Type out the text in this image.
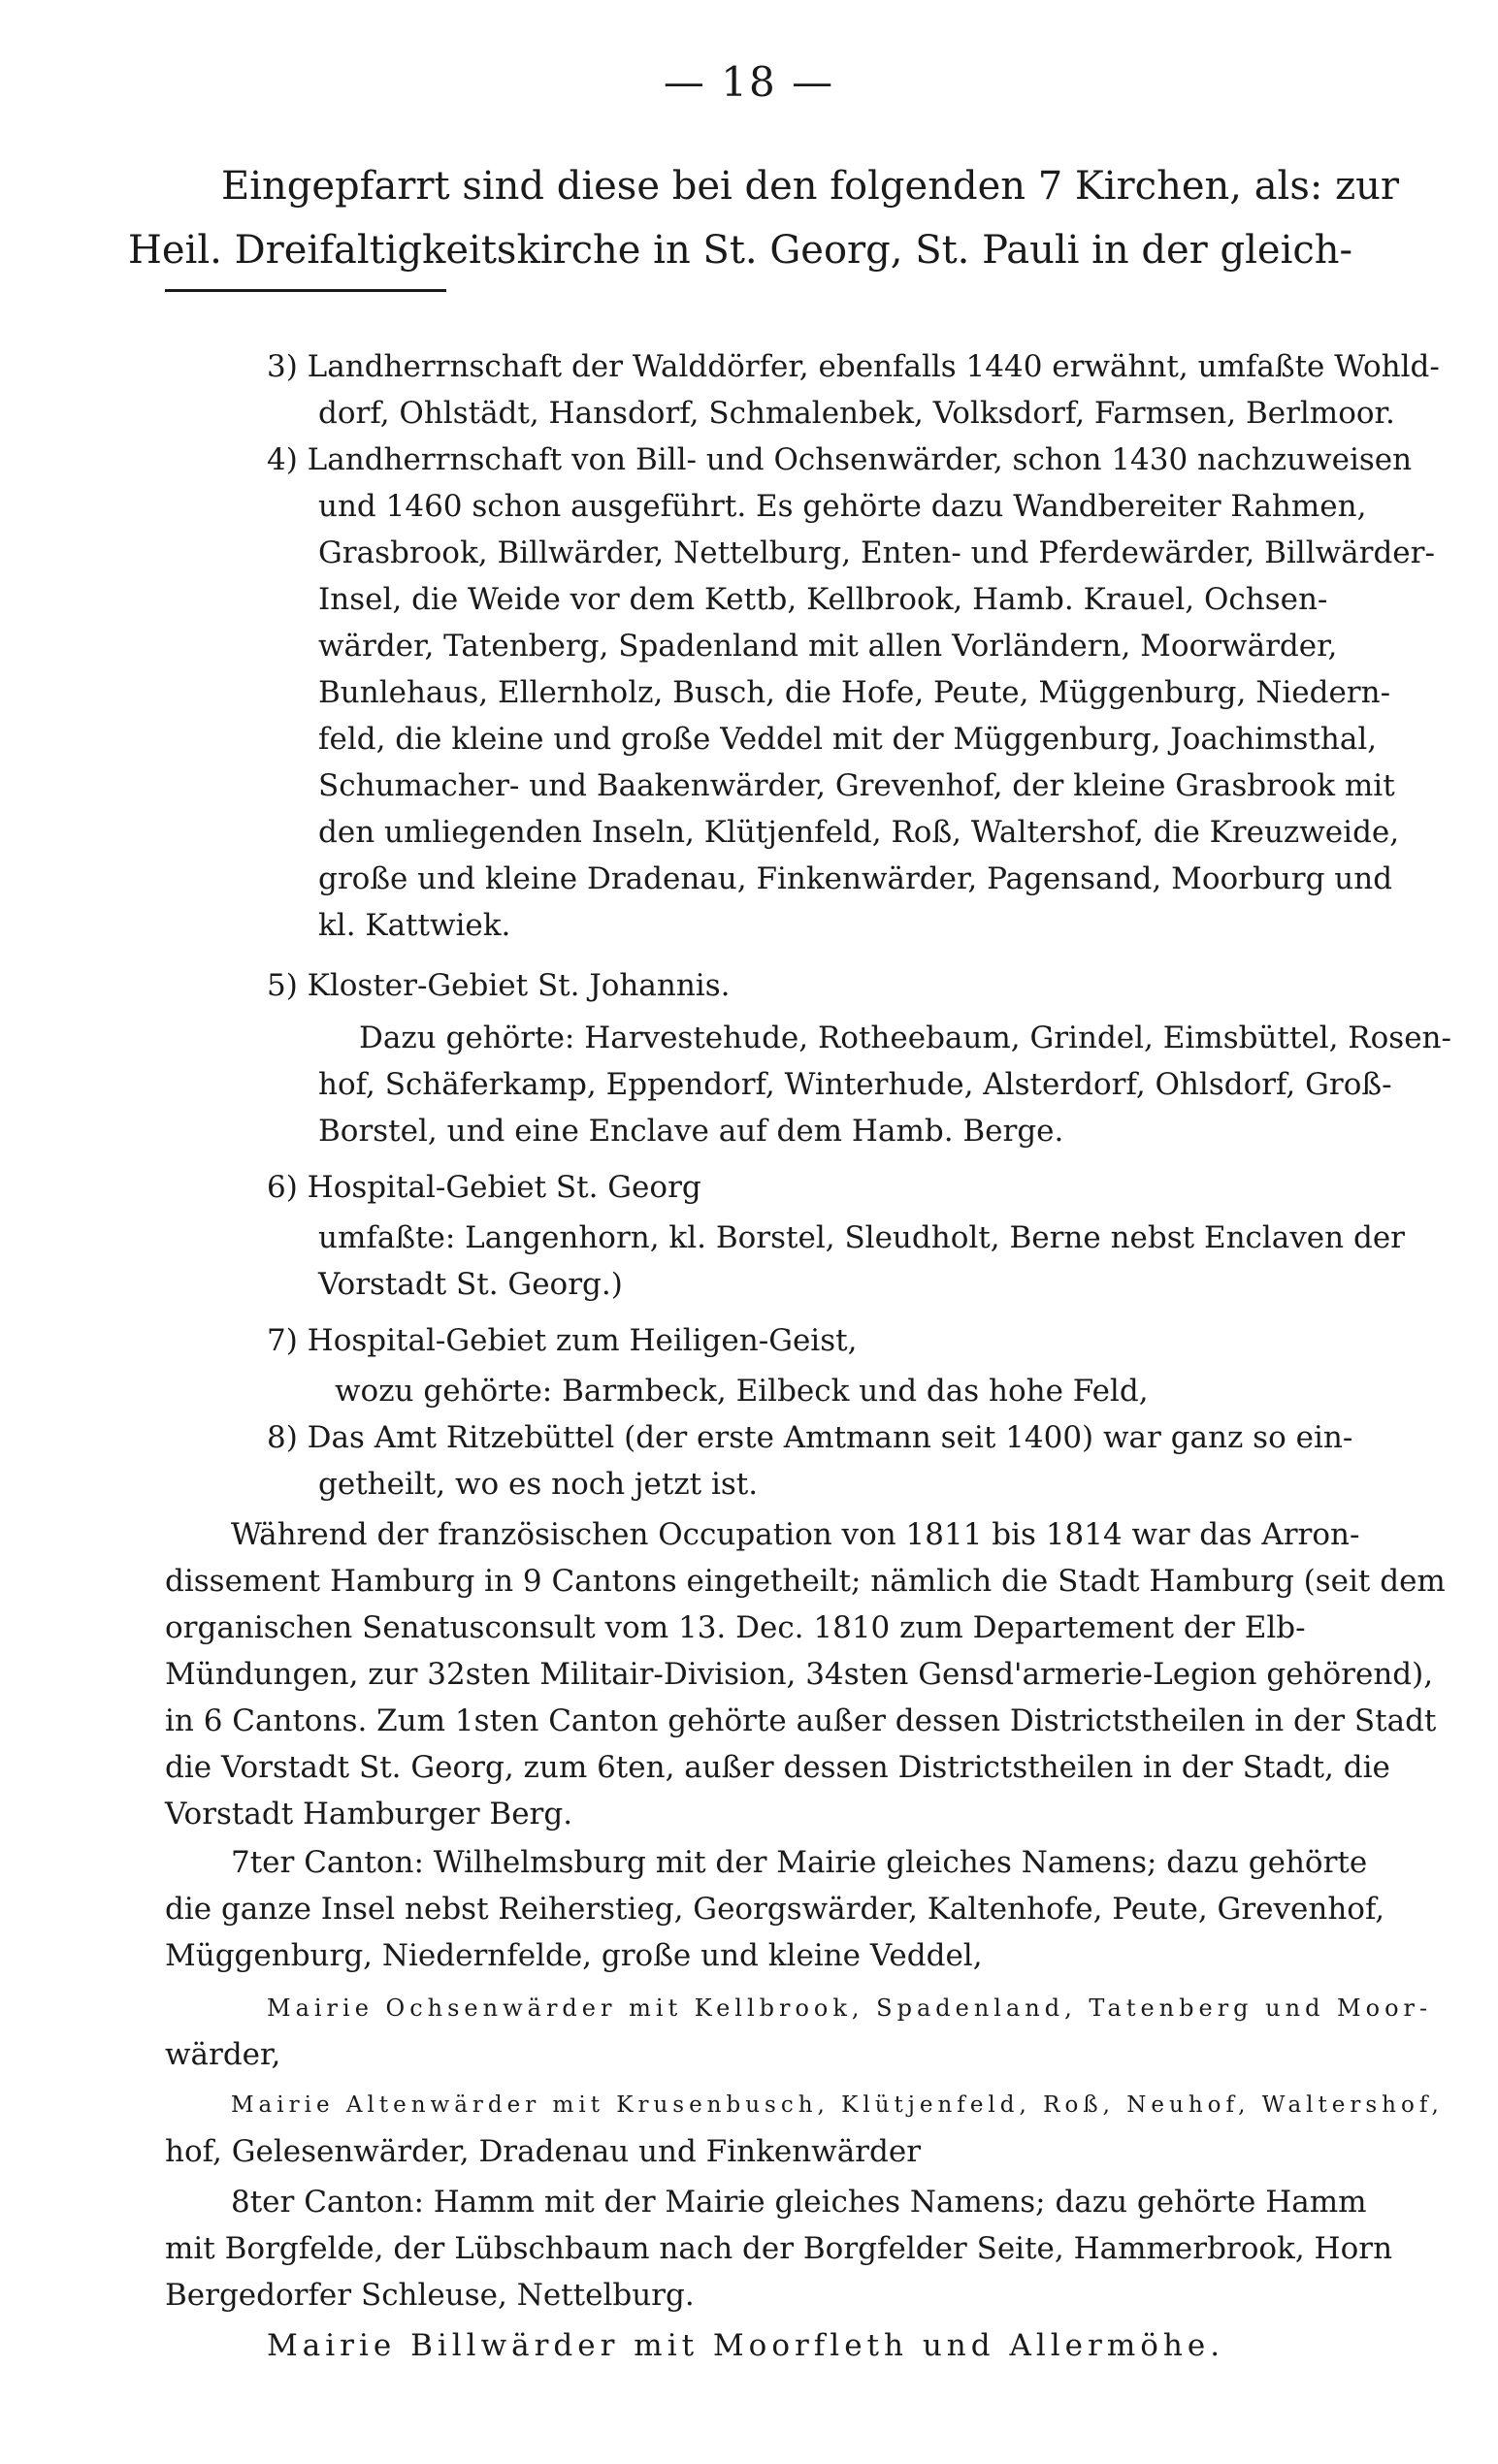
— 18 —
Eingepfarrt sind diese bei den folgenden 7 Kirchen, als: zur
Heil. Dreifaltigkeitskirche in St. Georg, St. Pauli in der gleich-
3) Landherrnschaft der Walddörfer, ebenfalls 1440 erwähnt, umfaßte Wohld-
dorf, Ohlstädt, Hansdorf, Schmalenbek, Volksdorf, Farmsen, Berlmoor.
4) Landherrnschaft von Bill- und Ochsenwärder, schon 1430 nachzuweisen
und 1460 schon ausgeführt. Es gehörte dazu Wandbereiter Rahmen,
Grasbrook, Billwärder, Nettelburg, Enten- und Pferdewärder, Billwärder-
Insel, die Weide vor dem Kettb, Kellbrook, Hamb. Krauel, Ochsen-
wärder, Tatenberg, Spadenland mit allen Vorländern, Moorwärder,
Bunlehaus, Ellernholz, Busch, die Hofe, Peute, Müggenburg, Niedern-
feld, die kleine und große Veddel mit der Müggenburg, Joachimsthal,
Schumacher- und Baakenwärder, Grevenhof, der kleine Grasbrook mit
den umliegenden Inseln, Klütjenfeld, Roß, Waltershof, die Kreuzweide,
große und kleine Dradenau, Finkenwärder, Pagensand, Moorburg und
kl. Kattwiek.
5) Kloster-Gebiet St. Johannis.
Dazu gehörte: Harvestehude, Rotheebaum, Grindel, Eimsbüttel, Rosen-
hof, Schäferkamp, Eppendorf, Winterhude, Alsterdorf, Ohlsdorf, Groß-
Borstel, und eine Enclave auf dem Hamb. Berge.
6) Hospital-Gebiet St. Georg
umfaßte: Langenhorn, kl. Borstel, Sleudholt, Berne nebst Enclaven der
Vorstadt St. Georg.)
7) Hospital-Gebiet zum Heiligen-Geist,
wozu gehörte: Barmbeck, Eilbeck und das hohe Feld,
8) Das Amt Ritzebüttel (der erste Amtmann seit 1400) war ganz so ein-
getheilt, wo es noch jetzt ist.
Während der französischen Occupation von 1811 bis 1814 war das Arron-
dissement Hamburg in 9 Cantons eingetheilt; nämlich die Stadt Hamburg (seit dem
organischen Senatusconsult vom 13. Dec. 1810 zum Departement der Elb-
Mündungen, zur 32sten Militair-Division, 34sten Gensd'armerie-Legion gehörend),
in 6 Cantons. Zum 1sten Canton gehörte außer dessen Districtstheilen in der Stadt
die Vorstadt St. Georg, zum 6ten, außer dessen Districtstheilen in der Stadt, die
Vorstadt Hamburger Berg.
7ter Canton: Wilhelmsburg mit der Mairie gleiches Namens; dazu gehörte
die ganze Insel nebst Reiherstieg, Georgswärder, Kaltenhofe, Peute, Grevenhof,
Müggenburg, Niedernfelde, große und kleine Veddel,
Mairie Ochsenwärder mit Kellbrook, Spadenland, Tatenberg und Moor-
wärder,
Mairie Altenwärder mit Krusenbusch, Klütjenfeld, Roß, Neuhof, Waltershof,
hof, Gelesenwärder, Dradenau und Finkenwärder
8ter Canton: Hamm mit der Mairie gleiches Namens; dazu gehörte Hamm
mit Borgfelde, der Lübschbaum nach der Borgfelder Seite, Hammerbrook, Horn
Bergedorfer Schleuse, Nettelburg.
Mairie Billwärder mit Moorfleth und Allermöhe.
